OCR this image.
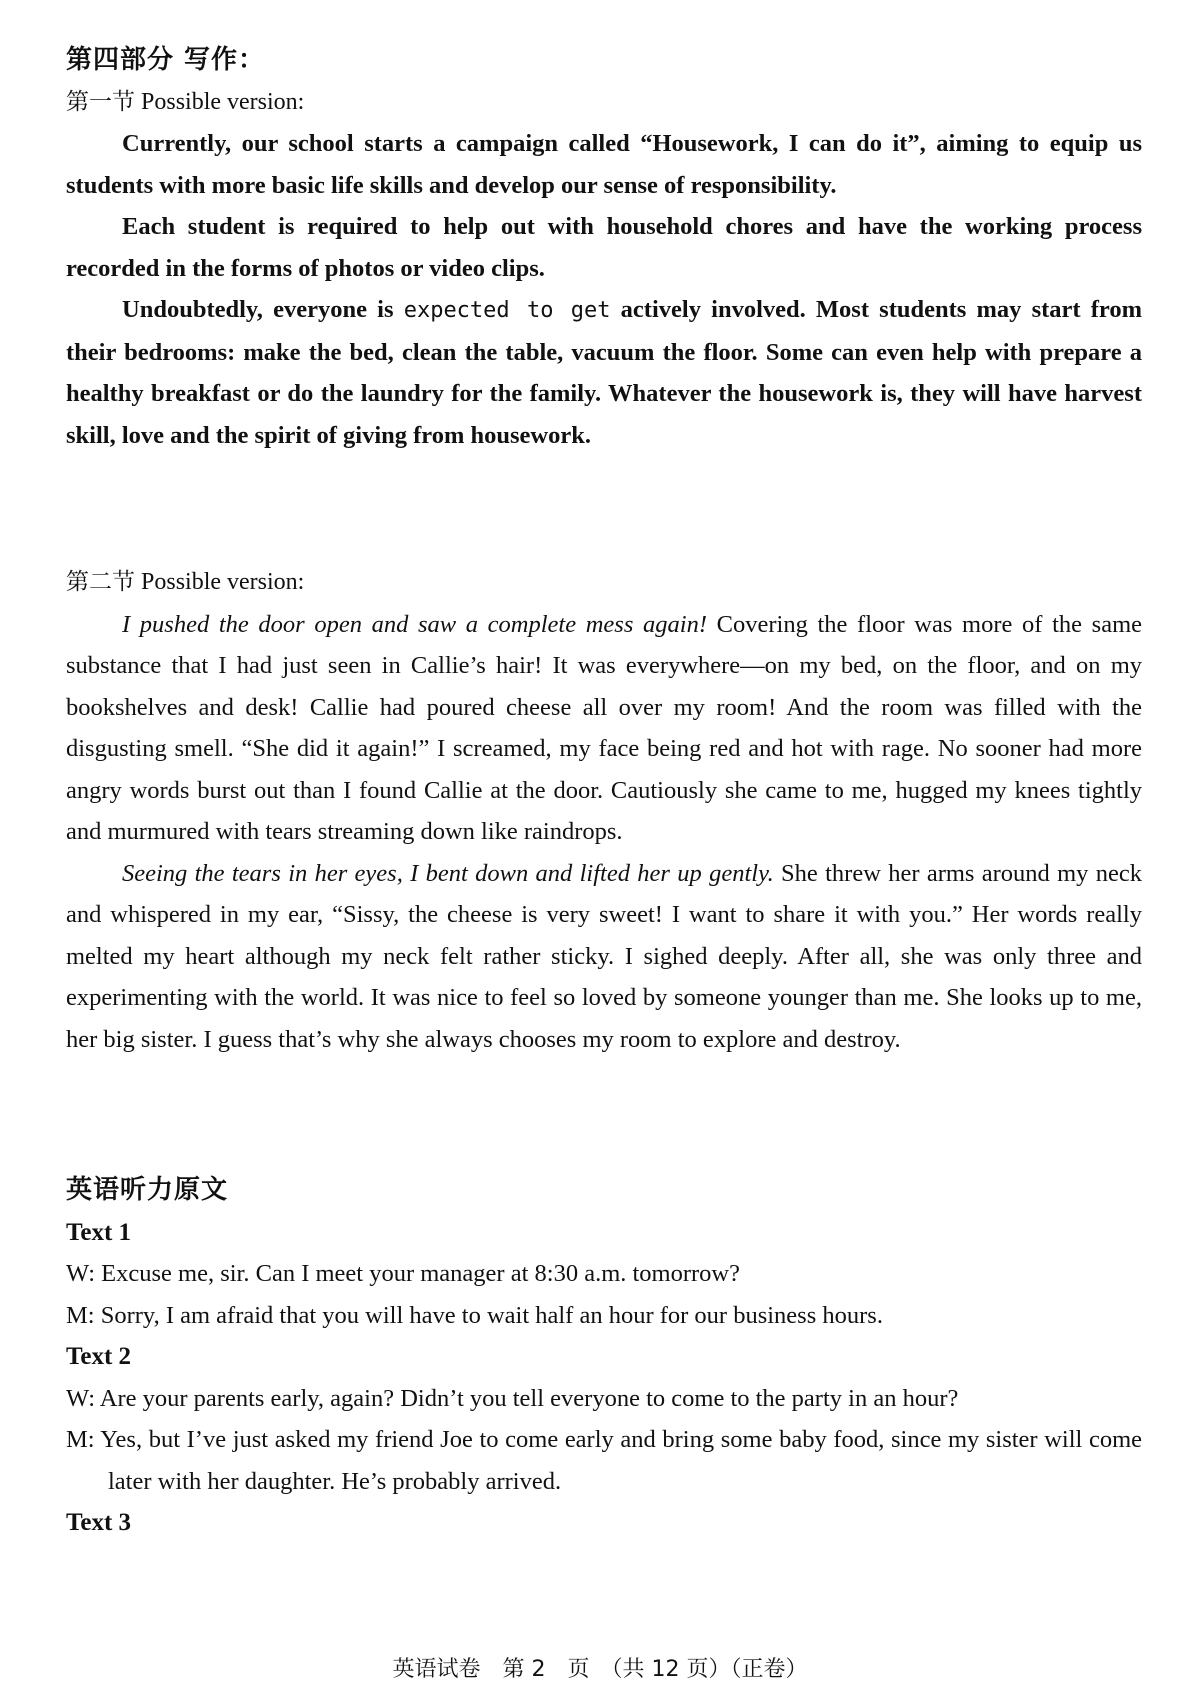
第四部分 写作：
第一节 Possible version:

Currently, our school starts a campaign called “Housework, I can do it”, aiming to equip us students with more basic life skills and develop our sense of responsibility.

Each student is required to help out with household chores and have the working process recorded in the forms of photos or video clips.

Undoubtedly, everyone is expected to get actively involved. Most students may start from their bedrooms: make the bed, clean the table, vacuum the floor. Some can even help with prepare a healthy breakfast or do the laundry for the family. Whatever the housework is, they will have harvest skill, love and the spirit of giving from housework.

第二节 Possible version:

I pushed the door open and saw a complete mess again! Covering the floor was more of the same substance that I had just seen in Callie’s hair! It was everywhere—on my bed, on the floor, and on my bookshelves and desk! Callie had poured cheese all over my room! And the room was filled with the disgusting smell. “She did it again!” I screamed, my face being red and hot with rage. No sooner had more angry words burst out than I found Callie at the door. Cautiously she came to me, hugged my knees tightly and murmured with tears streaming down like raindrops.

Seeing the tears in her eyes, I bent down and lifted her up gently. She threw her arms around my neck and whispered in my ear, “Sissy, the cheese is very sweet! I want to share it with you.” Her words really melted my heart although my neck felt rather sticky. I sighed deeply. After all, she was only three and experimenting with the world. It was nice to feel so loved by someone younger than me. She looks up to me, her big sister. I guess that’s why she always chooses my room to explore and destroy.

英语听力原文
Text 1

W: Excuse me, sir. Can I meet your manager at 8:30 a.m. tomorrow?

M: Sorry, I am afraid that you will have to wait half an hour for our business hours.

Text 2

W: Are your parents early, again? Didn’t you tell everyone to come to the party in an hour?

M: Yes, but I’ve just asked my friend Joe to come early and bring some baby food, since my sister will come later with her daughter. He’s probably arrived.

Text 3
英语试卷　第 2　页　（共 12 页）（正卷）
